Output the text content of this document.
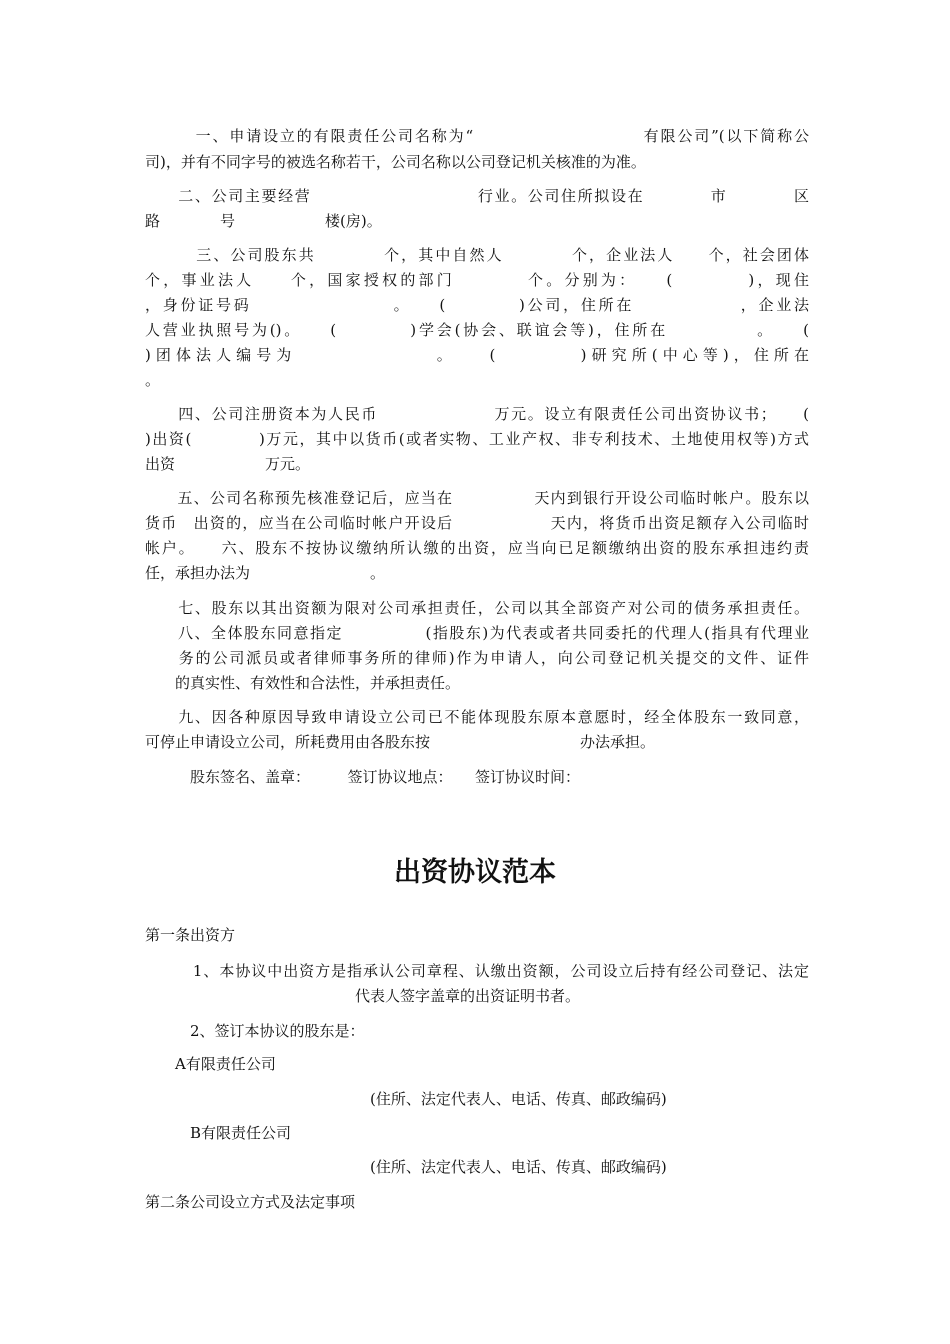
　　　一、申请设立的有限责任公司名称为“　　　　　　　　　　有限公司”(以下简称公
司)，并有不同字号的被选名称若干，公司名称以公司登记机关核准的为准。
　　二、公司主要经营　　　　　　　　　　行业。公司住所拟设在　　　　市　　　　区
路　　　　号　　　　　　楼(房)。
　　　三、公司股东共　　　　个，其中自然人　　　　个，企业法人　　个，社会团体
个，事业法人　　个，国家授权的部门　　　　个。分别为：　　(　　　　)，现住
，身份证号码　　　　　　　　。　　(　　　　)公司，住所在　　　　　　，企业法
人营业执照号为()。　　(　　　　)学会(协会、联谊会等)，住所在　　　　　。　　(
)团体法人编号为　　　　　　　。　　(　　　　)研究所(中心等)，住所在
。
　　四、公司注册资本为人民币　　　　　　　万元。设立有限责任公司出资协议书；　　(
)出资(　　　　)万元，其中以货币(或者实物、工业产权、非专利技术、土地使用权等)方式
出资　　　　　　万元。
　　五、公司名称预先核准登记后，应当在　　　　　天内到银行开设公司临时帐户。股东以
货币　出资的，应当在公司临时帐户开设后　　　　　　天内，将货币出资足额存入公司临时
帐户。　　六、股东不按协议缴纳所认缴的出资，应当向已足额缴纳出资的股东承担违约责
任，承担办法为　　　　　　　　。
　　七、股东以其出资额为限对公司承担责任，公司以其全部资产对公司的债务承担责任。
　　八、全体股东同意指定　　　　　(指股东)为代表或者共同委托的代理人(指具有代理业
　　务的公司派员或者律师事务所的律师)作为申请人，向公司登记机关提交的文件、证件
　　的真实性、有效性和合法性，并承担责任。
　　九、因各种原因导致申请设立公司已不能体现股东原本意愿时，经全体股东一致同意，
可停止申请设立公司，所耗费用由各股东按　　　　　　　　　　办法承担。
　　　股东签名、盖章：　　　签订协议地点：　　签订协议时间：
出资协议范本
第一条出资方
　　　1、本协议中出资方是指承认公司章程、认缴出资额，公司设立后持有经公司登记、法定
　　　　　　　　　　　　　　代表人签字盖章的出资证明书者。
　　　2、签订本协议的股东是：
　　A有限责任公司
　　　　　　　　　　　　　　　(住所、法定代表人、电话、传真、邮政编码)
　　　B有限责任公司
　　　　　　　　　　　　　　　(住所、法定代表人、电话、传真、邮政编码)
第二条公司设立方式及法定事项
